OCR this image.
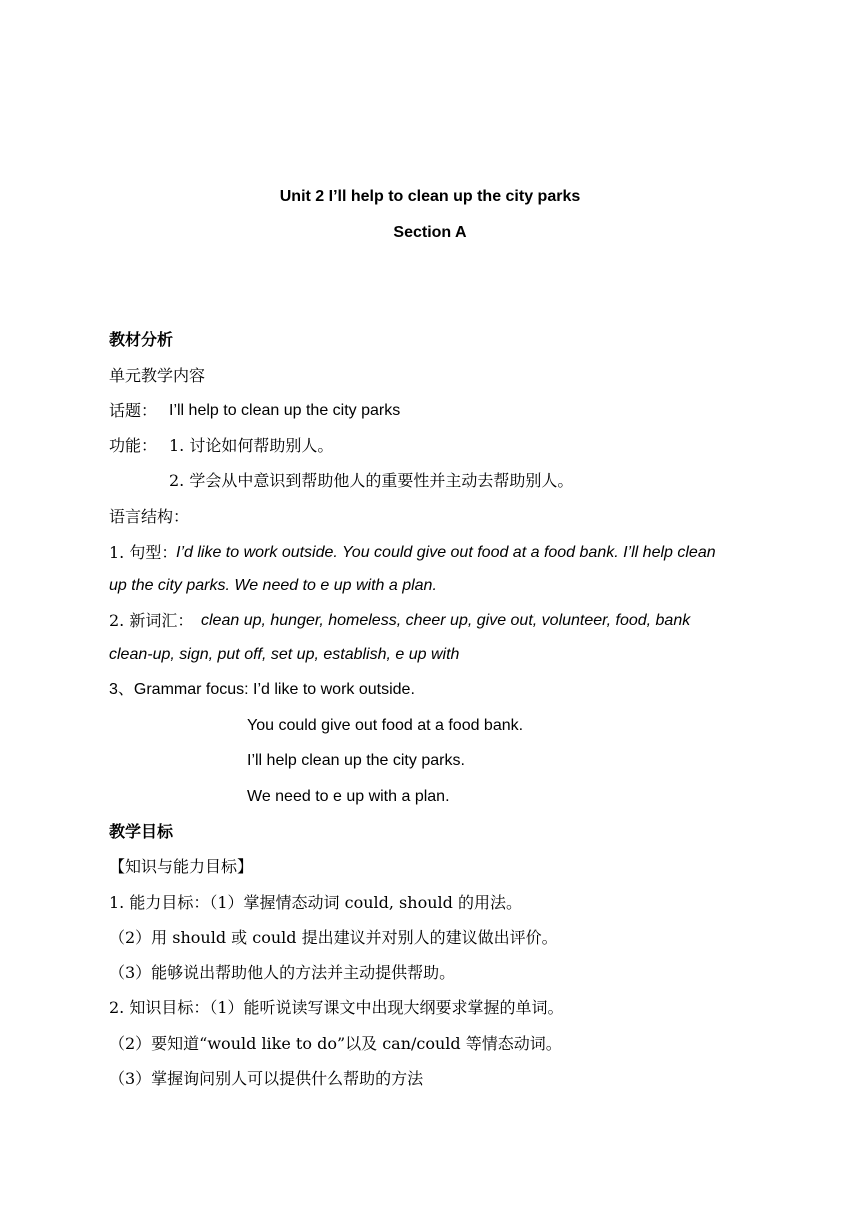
Unit 2 I’ll help to clean up the city parks
Section A
教材分析
单元教学内容
话题： I’ll help to clean up the city parks
功能： 1. 讨论如何帮助别人。
2. 学会从中意识到帮助他人的重要性并主动去帮助别人。
语言结构：
1. 句型：
I’d like to work outside. You could give out food at a food bank. I’ll help clean
up the city parks. We need to e up with a plan.
2. 新词汇： clean up, hunger, homeless, cheer up, give out, volunteer, food, bank
clean-up, sign, put off, set up, establish, e up with
3、Grammar focus: I’d like to work outside.
You could give out food at a food bank.
I’ll help clean up the city parks.
We need to e up with a plan.
教学目标
【知识与能力目标】
1. 能力目标：（1）掌握情态动词 could, should 的用法。
（2）用 should 或 could 提出建议并对别人的建议做出评价。
（3）能够说出帮助他人的方法并主动提供帮助。
2. 知识目标：（1）能听说读写课文中出现大纲要求掌握的单词。
（2）要知道“would like to do”以及 can/could 等情态动词。
（3）掌握询问别人可以提供什么帮助的方法
